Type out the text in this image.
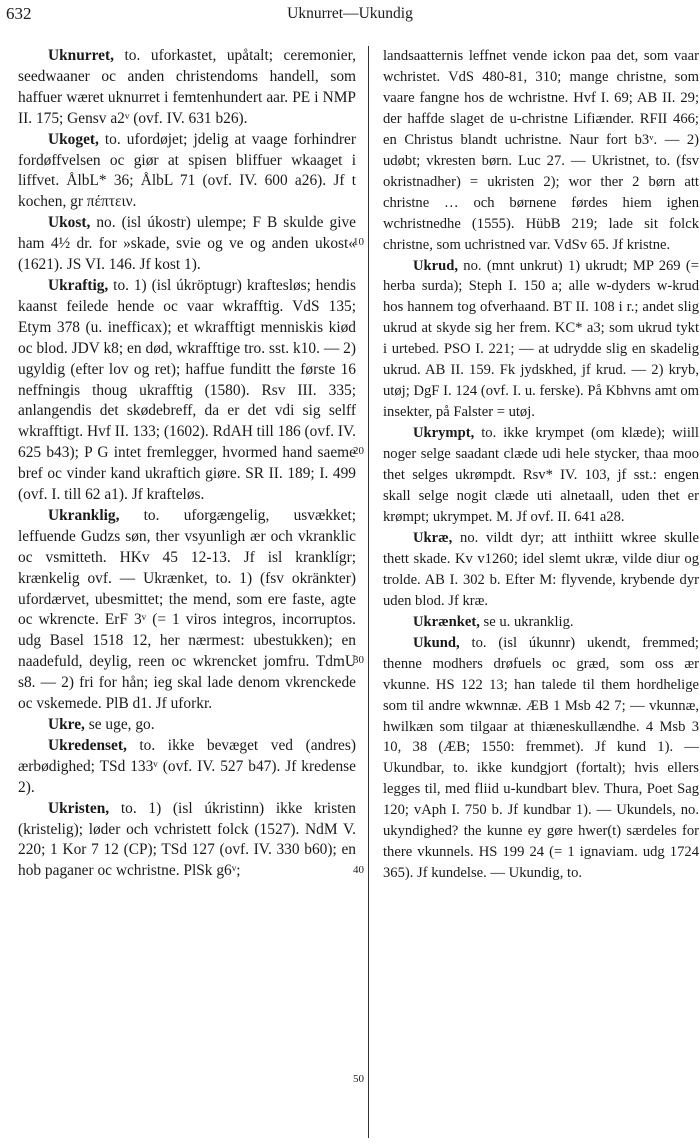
632	Uknurret—Ukundig

Uknurret, to. uforkastet, upåtalt; ceremonier, seedwaaner oc anden christendoms handell, som haffuer wæret uknurret i femtenhundert aar. PE i NMP II. 175; Gensv a2ᵛ (ovf. IV. 631 b26).

Ukoget, to. ufordøjet; jdelig at vaage forhindrer fordøffvelsen oc giør at spisen bliffuer wkaaget i liffvet. ÅlbL* 36; ÅlbL 71 (ovf. IV. 600 a26). Jf t kochen, gr πέπτειν.

Ukost, no. (isl úkostr) ulempe; F B skulde give ham 4½ dr. for »skade, svie og ve og anden ukost« (1621). JS VI. 146. Jf kost 1).

Ukraftig, to. 1) (isl úkröptugr) kraftesløs; hendis kaanst feilede hende oc vaar wkrafftig. VdS 135; Etym 378 (u. inefficax); et wkrafftigt menniskis kiød oc blod. JDV k8; en død, wkrafftige tro. sst. k10. — 2) ugyldig (efter lov og ret); haffue funditt the første 16 neffningis thoug ukrafftig (1580). Rsv III. 335; anlangendis det skødebreff, da er det vdi sig selff wkrafftigt. Hvf II. 133; (1602). RdAH till 186 (ovf. IV. 625 b43); P G intet fremlegger, hvormed hand saeme bref oc vinder kand ukraftich giøre. SR II. 189; I. 499 (ovf. I. till 62 a1). Jf krafteløs.

Ukranklig, to. uforgængelig, usvækket; leffuende Gudzs søn, ther vsyunligh ær och vkranklic oc vsmitteth. HKv 45 12-13. Jf isl kranklígr; krænkelig ovf. — Ukrænket, to. 1) (fsv okränkter) ufordærvet, ubesmittet; the mend, som ere faste, agte oc wkrencte. ErF 3ᵛ (= 1 viros integros, incorruptos. udg Basel 1518 12, her nærmest: ubestukken); en naadefuld, deylig, reen oc wkrencket jomfru. TdmU s8. — 2) fri for hån; ieg skal lade denom vkrenckede oc vskemede. PlB d1. Jf uforkr.

Ukre, se uge, go.

Ukredenset, to. ikke bevæget ved (andres) ærbødighed; TSd 133ᵛ (ovf. IV. 527 b47). Jf kredense 2).

Ukristen, to. 1) (isl úkristinn) ikke kristen (kristelig); løder och vchristett folck (1527). NdM V. 220; 1 Kor 7 12 (CP); TSd 127 (ovf. IV. 330 b60); en hob paganer oc wchristne. PlSk g6ᵛ;

10
20
30
40
50

landsaatternis leffnet vende ickon paa det, som vaar wchristet. VdS 480-81, 310; mange christne, som vaare fangne hos de wchristne. Hvf I. 69; AB II. 29; der haffde slaget de u-christne Lifiænder. RFII 466; en Christus blandt uchristne. Naur fort b3ᵛ. — 2) udøbt; vkresten børn. Luc 27. — Ukristnet, to. (fsv okristnadher) = ukristen 2); wor ther 2 børn att christne … och børnene førdes hiem ighen wchristnedhe (1555). HübB 219; lade sit folck christne, som uchristned var. VdSv 65. Jf kristne.

Ukrud, no. (mnt unkrut) 1) ukrudt; MP 269 (= herba surda); Steph I. 150 a; alle w-dyders w-krud hos hannem tog ofverhaand. BT II. 108 i r.; andet slig ukrud at skyde sig her frem. KC* a3; som ukrud tykt i urtebed. PSO I. 221; — at udrydde slig en skadelig ukrud. AB II. 159. Fk jydskhed, jf krud. — 2) kryb, utøj; DgF I. 124 (ovf. I. u. ferske). På Kbhvns amt om insekter, på Falster = utøj.

Ukrympt, to. ikke krympet (om klæde); wiill noger selge saadant clæde udi hele stycker, thaa moo thet selges ukrømpdt. Rsv* IV. 103, jf sst.: engen skall selge nogit clæde uti alnetaall, uden thet er krømpt; ukrympet. M. Jf ovf. II. 641 a28.

Ukræ, no. vildt dyr; att inthiitt wkree skulle thett skade. Kv v1260; idel slemt ukræ, vilde diur og trolde. AB I. 302 b. Efter M: flyvende, krybende dyr uden blod. Jf kræ.

Ukrænket, se u. ukranklig.

Ukund, to. (isl úkunnr) ukendt, fremmed; thenne modhers drøfuels oc græd, som oss ær vkunne. HS 122 13; han talede til them hordhelige som til andre wkwnnæ. ÆB 1 Msb 42 7; — vkunnæ, hwilkæn som tilgaar at thiæneskullændhe. 4 Msb 3 10, 38 (ÆB; 1550: fremmet). Jf kund 1). — Ukundbar, to. ikke kundgjort (fortalt); hvis ellers legges til, med fliid u-kundbart blev. Thura, Poet Sag 120; vAph I. 750 b. Jf kundbar 1). — Ukundels, no. ukyndighed? the kunne ey gøre hwer(t) særdeles for there vkunnels. HS 199 24 (= 1 ignaviam. udg 1724 365). Jf kundelse. — Ukundig, to.
